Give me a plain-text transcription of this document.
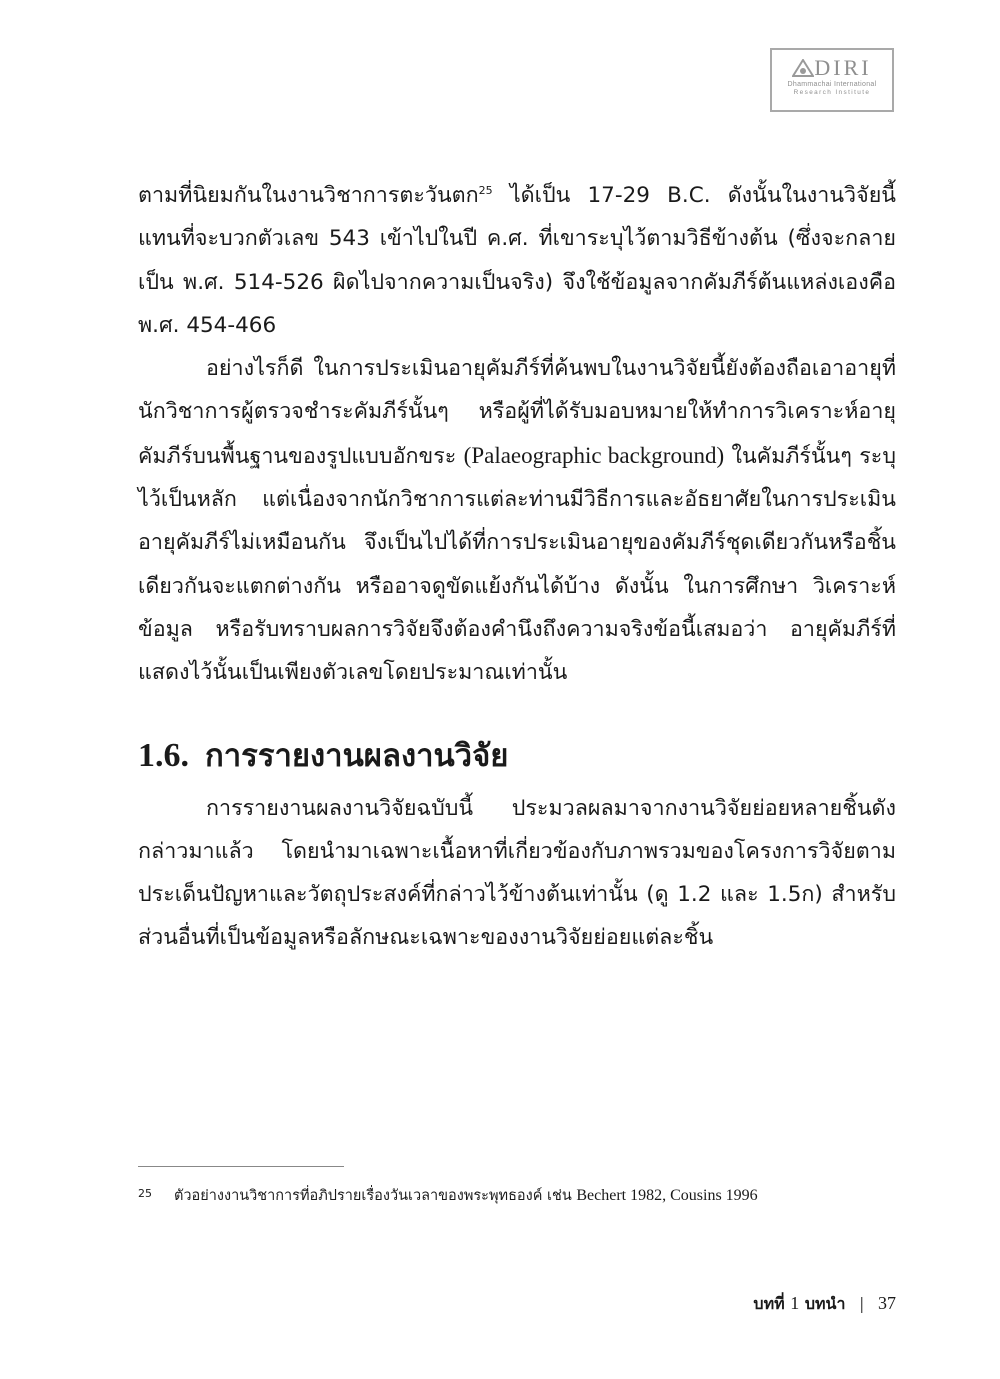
DIRI
Dhammachai International
Research Institute

ตามที่นิยมกันในงานวิชาการตะวันตก$^{25}$ ได้เป็น 17-29 B.C. ดังนั้นในงานวิจัยนี้ แทนที่จะบวกตัวเลข 543 เข้าไปในปี ค.ศ. ที่เขาระบุไว้ตามวิธีข้างต้น (ซึ่งจะกลายเป็น พ.ศ. 514-526 ผิดไปจากความเป็นจริง) จึงใช้ข้อมูลจากคัมภีร์ต้นแหล่งเองคือ พ.ศ. 454-466

อย่างไรก็ดี ในการประเมินอายุคัมภีร์ที่ค้นพบในงานวิจัยนี้ยังต้องถือเอาอายุที่นักวิชาการผู้ตรวจชำระคัมภีร์นั้นๆ หรือผู้ที่ได้รับมอบหมายให้ทำการวิเคราะห์อายุคัมภีร์บนพื้นฐานของรูปแบบอักขระ (Palaeographic background) ในคัมภีร์นั้นๆ ระบุไว้เป็นหลัก แต่เนื่องจากนักวิชาการแต่ละท่านมีวิธีการและอัธยาศัยในการประเมินอายุคัมภีร์ไม่เหมือนกัน จึงเป็นไปได้ที่การประเมินอายุของคัมภีร์ชุดเดียวกันหรือชิ้นเดียวกันจะแตกต่างกัน หรืออาจดูขัดแย้งกันได้บ้าง ดังนั้น ในการศึกษา วิเคราะห์ข้อมูล หรือรับทราบผลการวิจัยจึงต้องคำนึงถึงความจริงข้อนี้เสมอว่า อายุคัมภีร์ที่แสดงไว้นั้นเป็นเพียงตัวเลขโดยประมาณเท่านั้น

1.6. การรายงานผลงานวิจัย

การรายงานผลงานวิจัยฉบับนี้ ประมวลผลมาจากงานวิจัยย่อยหลายชิ้นดังกล่าวมาแล้ว โดยนำมาเฉพาะเนื้อหาที่เกี่ยวข้องกับภาพรวมของโครงการวิจัยตามประเด็นปัญหาและวัตถุประสงค์ที่กล่าวไว้ข้างต้นเท่านั้น (ดู 1.2 และ 1.5ก) สำหรับส่วนอื่นที่เป็นข้อมูลหรือลักษณะเฉพาะของงานวิจัยย่อยแต่ละชิ้น

25 ตัวอย่างงานวิชาการที่อภิปรายเรื่องวันเวลาของพระพุทธองค์ เช่น Bechert 1982, Cousins 1996
บทที่ 1 บทนำ | 37
